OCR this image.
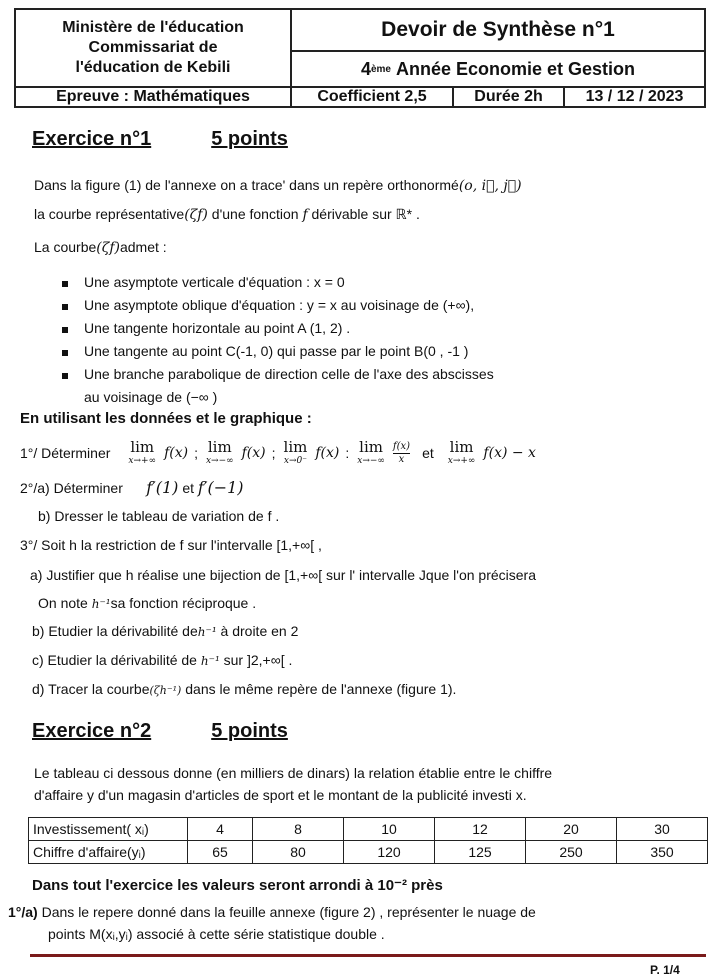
Ministère de l'éducation
Commissariat de
l'éducation de Kebili
Devoir de Synthèse n°1
4 ème
Année Economie et Gestion
Epreuve : Mathématiques	Coefficient 2,5	Durée 2h	13 / 12 / 2023
Exercice n°1	5 points
Dans la figure (1) de l'annexe on a trace' dans un repère orthonormé(o, i⃗, j⃗)
la courbe représentative(ζf) d'une fonction f dérivable sur ℝ* .
La courbe(ζf)admet :
Une asymptote verticale d'équation : x = 0
Une asymptote oblique d'équation : y = x au voisinage de (+∞),
Une tangente horizontale au point A (1, 2) .
Une tangente au point C(-1, 0) qui passe par le point B(0 , -1 )
Une branche parabolique de direction celle de l'axe des abscisses
au voisinage de (−∞ )
En utilisant les données et le graphique :
1°/ Déterminer lim
x→+∞ f(x) ; lim
x→−∞ f(x) ; lim
x→0⁻ f(x) : lim
$x\to-\infty \frac{f(x)}{x}$ et lim
x→+∞ f(x) − x
2°/a) Déterminer f′(1) et f′(−1)
b) Dresser le tableau de variation de f .
3°/ Soit h la restriction de f sur l'intervalle [1,+∞[ ,
a) Justifier que h réalise une bijection de [1,+∞[ sur l' intervalle Jque l'on précisera
On note h⁻¹sa fonction réciproque .
b) Etudier la dérivabilité deh⁻¹ à droite en 2
c) Etudier la dérivabilité de h⁻¹ sur ]2,+∞[ .
d) Tracer la courbe(ζh⁻¹) dans le même repère de l'annexe (figure 1).
Exercice n°2	5 points
Le tableau ci dessous donne (en milliers de dinars) la relation établie entre le chiffre
d'affaire y d'un magasin d'articles de sport et le montant de la publicité investi x.
Investissement( xᵢ)	4	8	10	12	20	30
Chiffre d'affaire(yᵢ)	65	80	120	125	250	350
Dans tout l'exercice les valeurs seront arrondi à 10⁻² près
1°/a) Dans le repere donné dans la feuille annexe (figure 2) , représenter le nuage de
points M(xᵢ,yᵢ) associé à cette série statistique double .
P. 1/4
